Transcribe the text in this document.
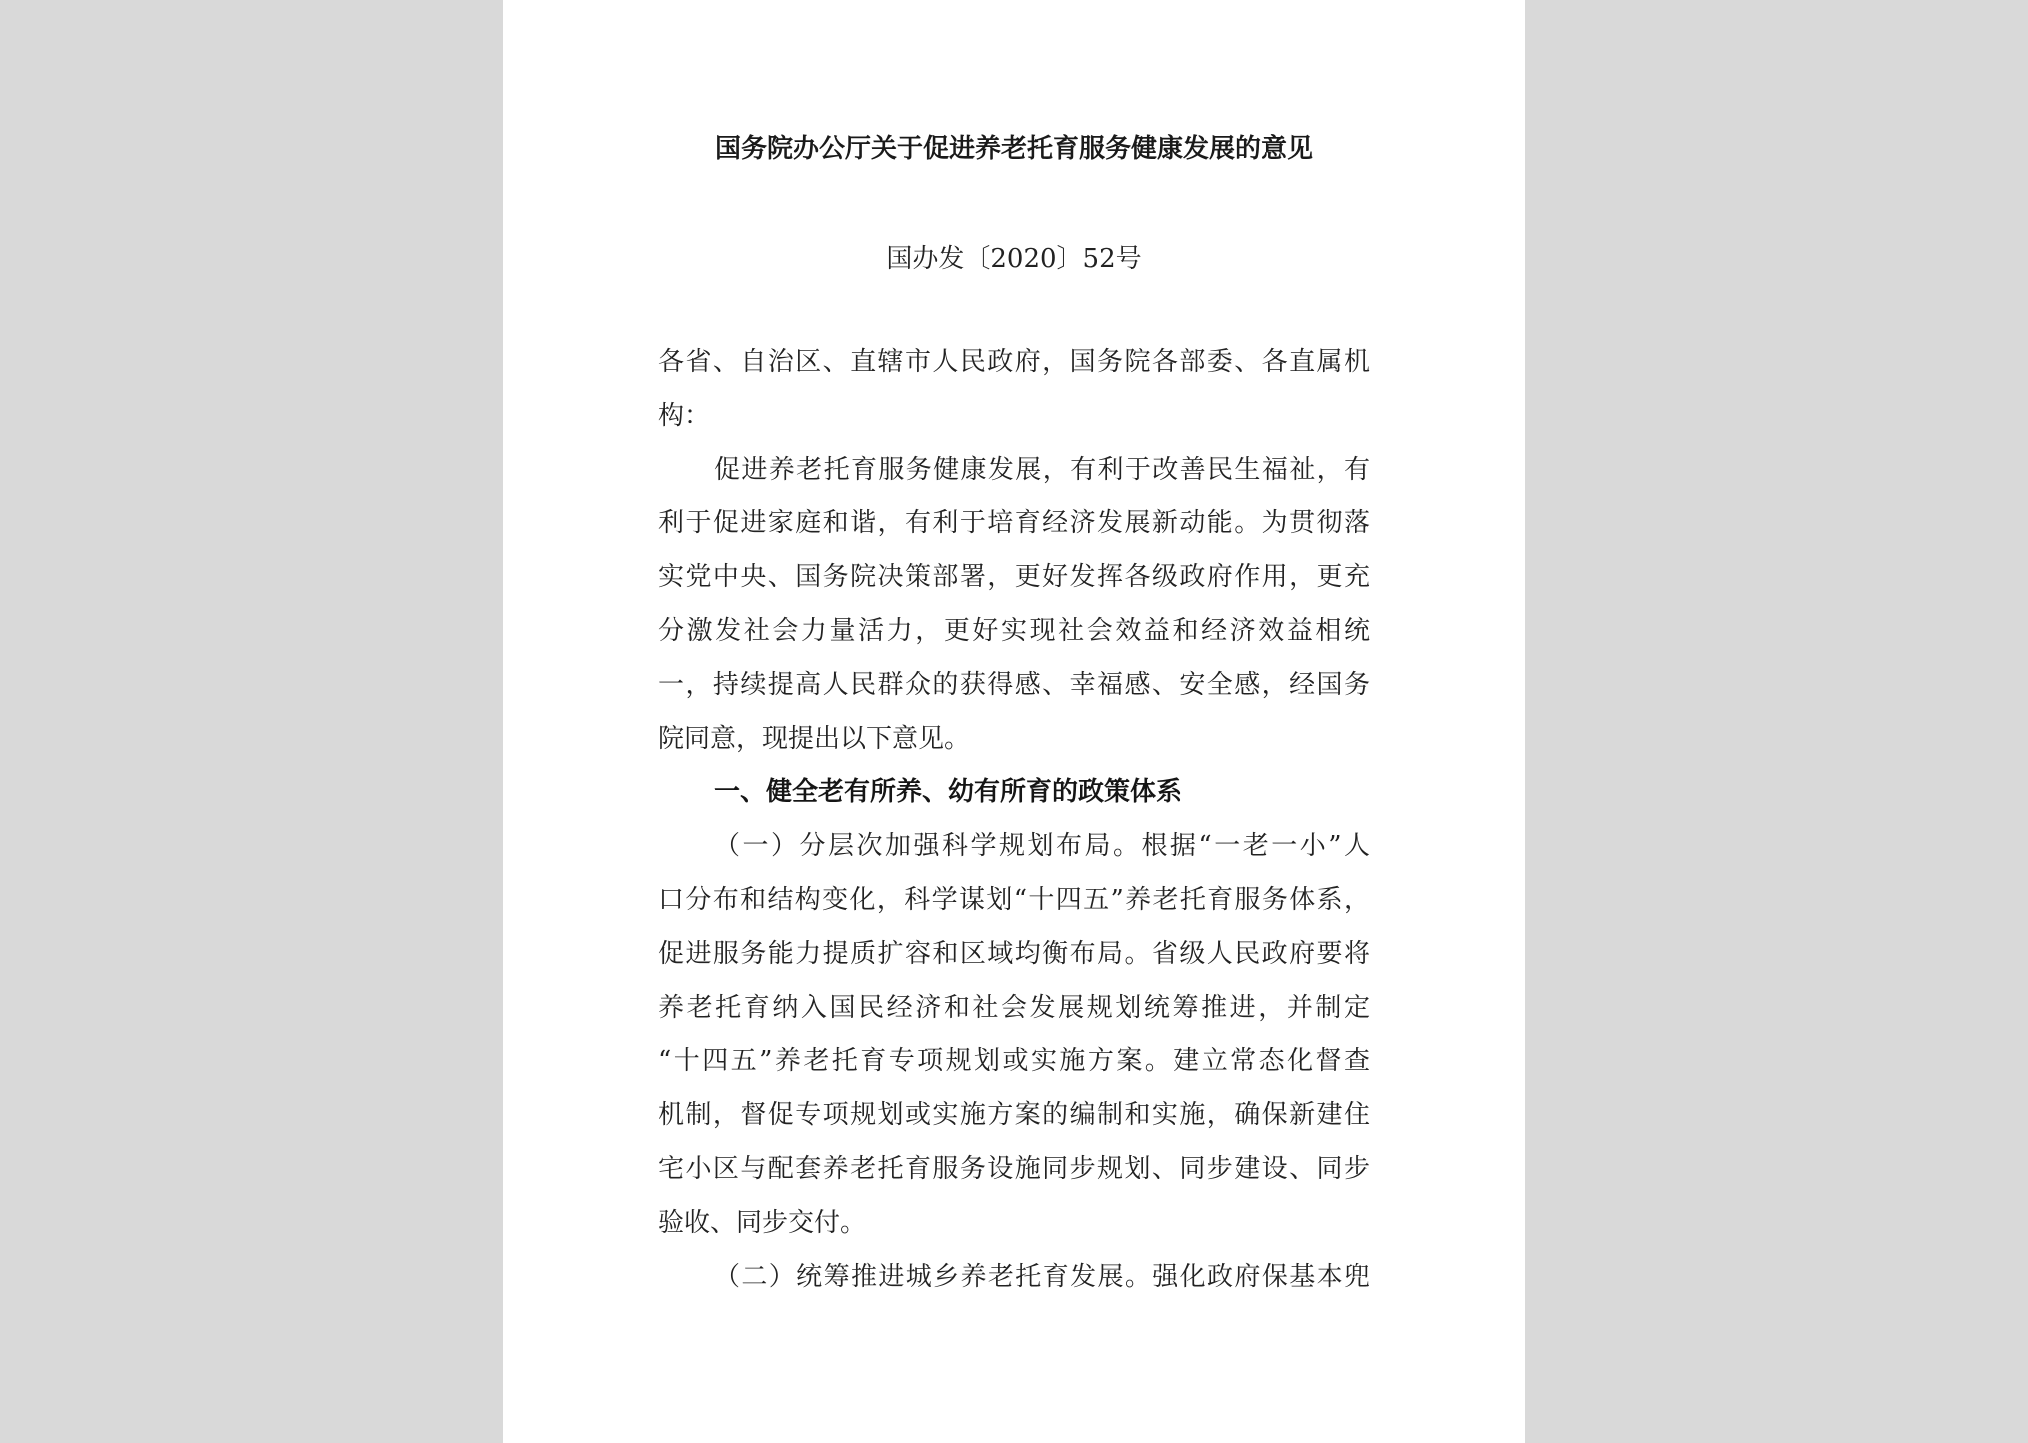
国务院办公厅关于促进养老托育服务健康发展的意见
国办发〔2020〕52号
各省、自治区、直辖市人民政府，国务院各部委、各直属机
构：
促进养老托育服务健康发展，有利于改善民生福祉，有
利于促进家庭和谐，有利于培育经济发展新动能。为贯彻落
实党中央、国务院决策部署，更好发挥各级政府作用，更充
分激发社会力量活力，更好实现社会效益和经济效益相统
一，持续提高人民群众的获得感、幸福感、安全感，经国务
院同意，现提出以下意见。
一、健全老有所养、幼有所育的政策体系
（一）分层次加强科学规划布局。根据“一老一小”人
口分布和结构变化，科学谋划“十四五”养老托育服务体系，
促进服务能力提质扩容和区域均衡布局。省级人民政府要将
养老托育纳入国民经济和社会发展规划统筹推进，并制定
“十四五”养老托育专项规划或实施方案。建立常态化督查
机制，督促专项规划或实施方案的编制和实施，确保新建住
宅小区与配套养老托育服务设施同步规划、同步建设、同步
验收、同步交付。
（二）统筹推进城乡养老托育发展。强化政府保基本兜
